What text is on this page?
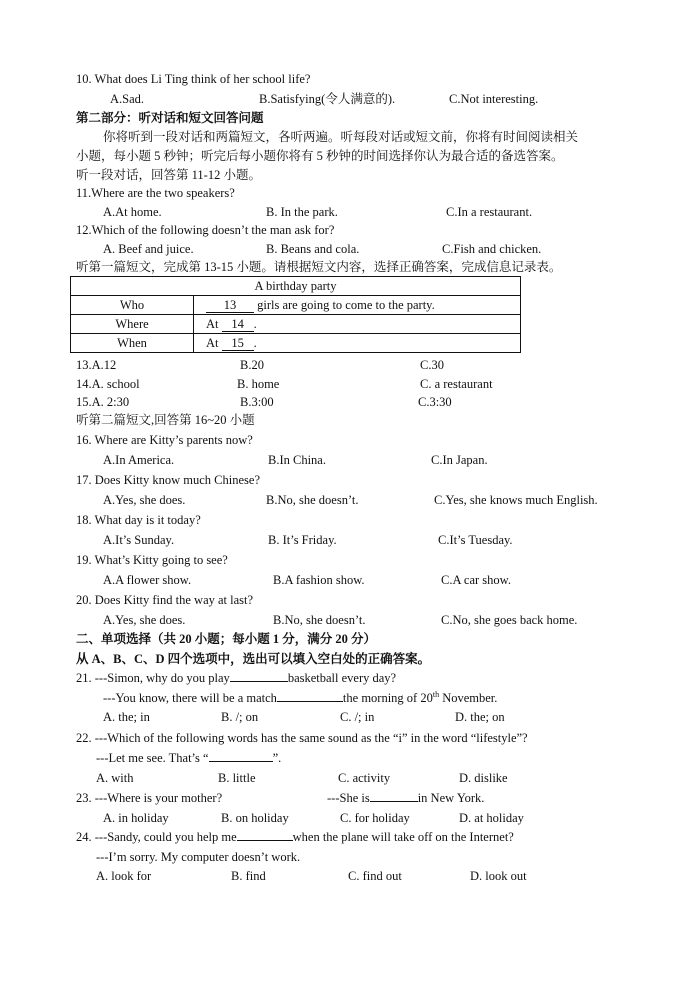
10. What does Li Ting think of her school life?
A.Sad.	B.Satisfying(令人满意的).	C.Not interesting.
第二部分：听对话和短文回答问题
你将听到一段对话和两篇短文，各听两遍。听每段对话或短文前，你将有时间阅读相关
小题，每小题 5 秒钟；听完后每小题你将有 5 秒钟的时间选择你认为最合适的备选答案。
听一段对话，回答第 11-12 小题。
11.Where are the two speakers?
A.At home.	B. In the park.	C.In a restaurant.
12.Which of the following doesn’t the man ask for?
A. Beef and juice.	B. Beans and cola.	C.Fish and chicken.
听第一篇短文，完成第 13-15 小题。请根据短文内容，选择正确答案，完成信息记录表。
A birthday party	
Who	13 girls are going to come to the party.
Where	At 14 .
When	At 15 .
13.A.12	B.20	C.30
14.A. school	B. home	C. a restaurant
15.A. 2:30	B.3:00	C.3:30
听第二篇短文,回答第 16~20 小题
16. Where are Kitty’s parents now?
A.In America.	B.In China.	C.In Japan.
17. Does Kitty know much Chinese?
A.Yes, she does.	B.No, she doesn’t.	C.Yes, she knows much English.
18. What day is it today?
A.It’s Sunday.	B. It’s Friday.	C.It’s Tuesday.
19. What’s Kitty going to see?
A.A flower show.	B.A fashion show.	C.A car show.
20. Does Kitty find the way at last?
A.Yes, she does.	B.No, she doesn’t.	C.No, she goes back home.
二、单项选择（共 20 小题；每小题 1 分，满分 20 分）
从 A、B、C、D 四个选项中，选出可以填入空白处的正确答案。
21. ---Simon, why do you play	basketball every day?
---You know, there will be a match	the morning of 20th November.
A. the; in	B. /; on	C. /; in	D. the; on
22. ---Which of the following words has the same sound as the “i” in the word “lifestyle”?
---Let me see. That’s “	”.
A. with	B. little	C. activity	D. dislike
23. ---Where is your mother?	---She is	in New York.
A. in holiday	B. on holiday	C. for holiday	D. at holiday
24. ---Sandy, could you help me	when the plane will take off on the Internet?
---I’m sorry. My computer doesn’t work.
A. look for	B. find	C. find out	D. look out
